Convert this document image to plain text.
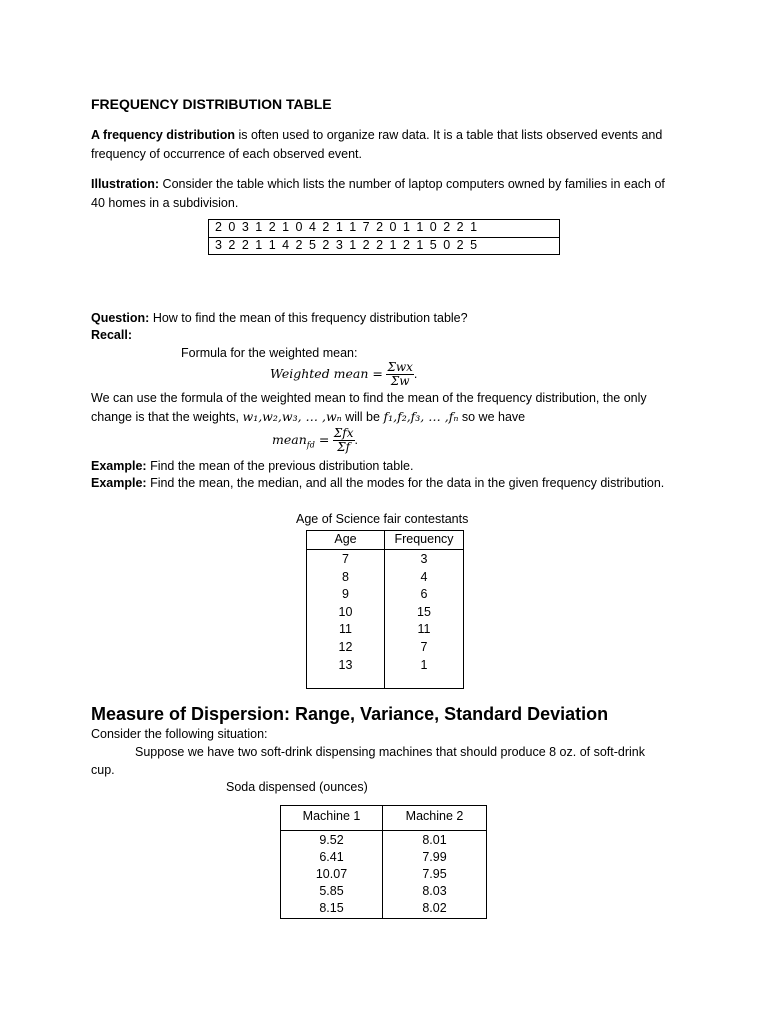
FREQUENCY DISTRIBUTION TABLE
A frequency distribution is often used to organize raw data. It is a table that lists observed events and
frequency of occurrence of each observed event.
Illustration: Consider the table which lists the number of laptop computers owned by families in each of
40 homes in a subdivision.
2 0 3 1 2 1 0 4 2 1 1 7 2 0 1 1 0 2 2 1
3 2 2 1 1 4 2 5 2 3 1 2 2 1 2 1 5 0 2 5
Question: How to find the mean of this frequency distribution table?
Recall:
Formula for the weighted mean:
Weighted mean = $\frac{\text{Σwx}}{\Sigma w}$ .
We can use the formula of the weighted mean to find the mean of the frequency distribution, the only
change is that the weights, w₁,w₂,w₃, … ,wₙ will be f₁,f₂,f₃, … ,fₙ so we have
mean$_{fd}$ = $\frac{\text{Σfx}}{\Sigma f}$ .
Example: Find the mean of the previous distribution table.
Example: Find the mean, the median, and all the modes for the data in the given frequency distribution.
Age of Science fair contestants
Age	Frequency
7
8
9
10
11
12
13
3
4
6
15
11
7
1
Measure of Dispersion: Range, Variance, Standard Deviation
Consider the following situation:
Suppose we have two soft-drink dispensing machines that should produce 8 oz. of soft-drink
cup.
Soda dispensed (ounces)
Machine 1	Machine 2
9.52
6.41
10.07
5.85
8.15
8.01
7.99
7.95
8.03
8.02
